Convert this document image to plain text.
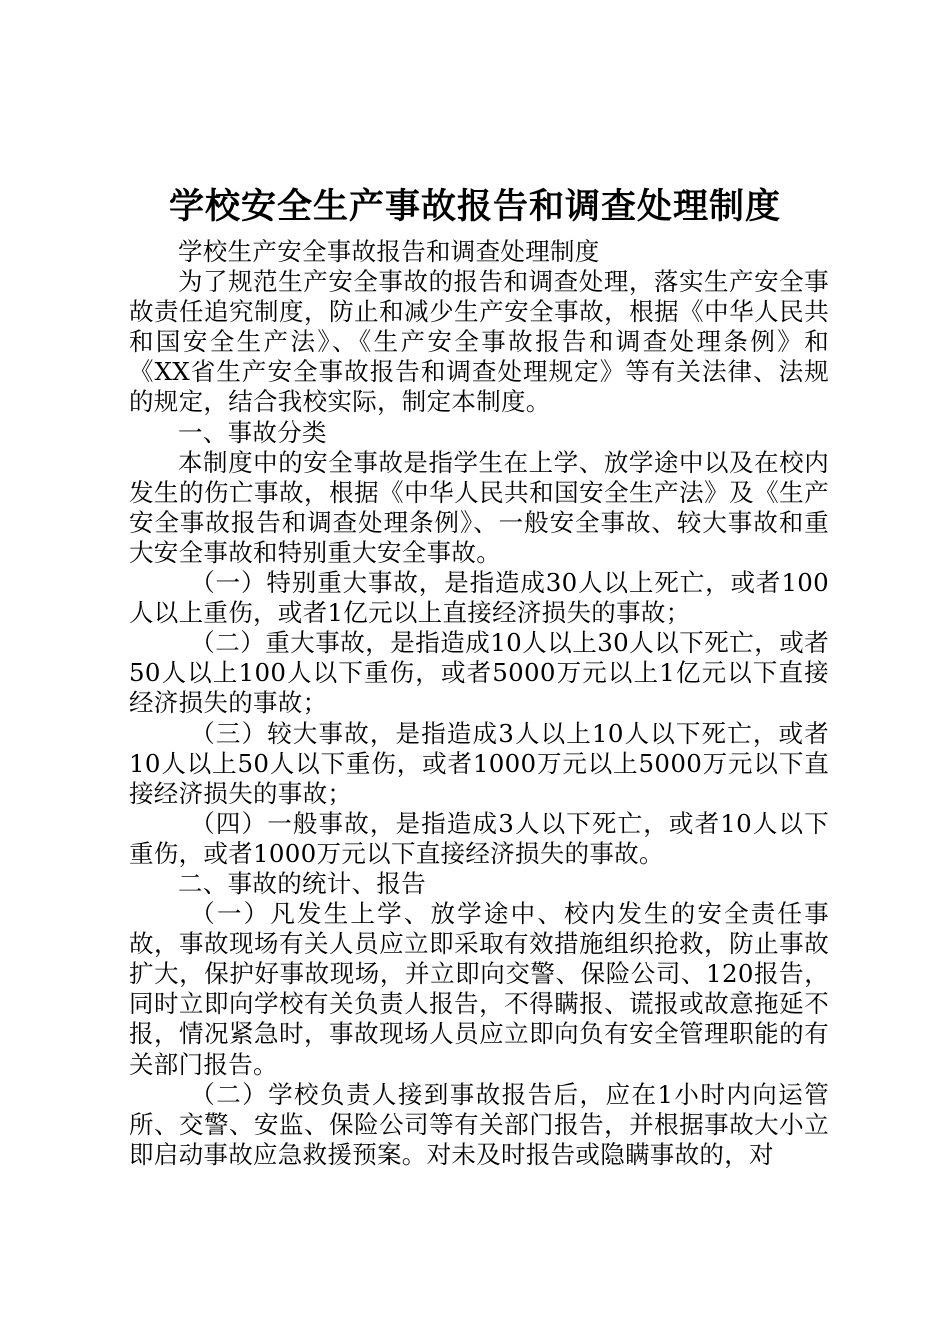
学校安全生产事故报告和调查处理制度

学校生产安全事故报告和调查处理制度

为了规范生产安全事故的报告和调查处理，落实生产安全事故责任追究制度，防止和减少生产安全事故，根据《中华人民共和国安全生产法》、《生产安全事故报告和调查处理条例》和《XX省生产安全事故报告和调查处理规定》等有关法律、法规的规定，结合我校实际，制定本制度。

一、事故分类

本制度中的安全事故是指学生在上学、放学途中以及在校内发生的伤亡事故，根据《中华人民共和国安全生产法》及《生产安全事故报告和调查处理条例》、一般安全事故、较大事故和重大安全事故和特别重大安全事故。

（一）特别重大事故，是指造成30人以上死亡，或者100人以上重伤，或者1亿元以上直接经济损失的事故；

（二）重大事故，是指造成10人以上30人以下死亡，或者50人以上100人以下重伤，或者5000万元以上1亿元以下直接经济损失的事故；

（三）较大事故，是指造成3人以上10人以下死亡，或者10人以上50人以下重伤，或者1000万元以上5000万元以下直接经济损失的事故；

（四）一般事故，是指造成3人以下死亡，或者10人以下重伤，或者1000万元以下直接经济损失的事故。

二、事故的统计、报告

（一）凡发生上学、放学途中、校内发生的安全责任事故，事故现场有关人员应立即采取有效措施组织抢救，防止事故扩大，保护好事故现场，并立即向交警、保险公司、120报告，同时立即向学校有关负责人报告，不得瞒报、谎报或故意拖延不报，情况紧急时，事故现场人员应立即向负有安全管理职能的有关部门报告。

（二）学校负责人接到事故报告后，应在1小时内向运管所、交警、安监、保险公司等有关部门报告，并根据事故大小立即启动事故应急救援预案。对未及时报告或隐瞒事故的，对
